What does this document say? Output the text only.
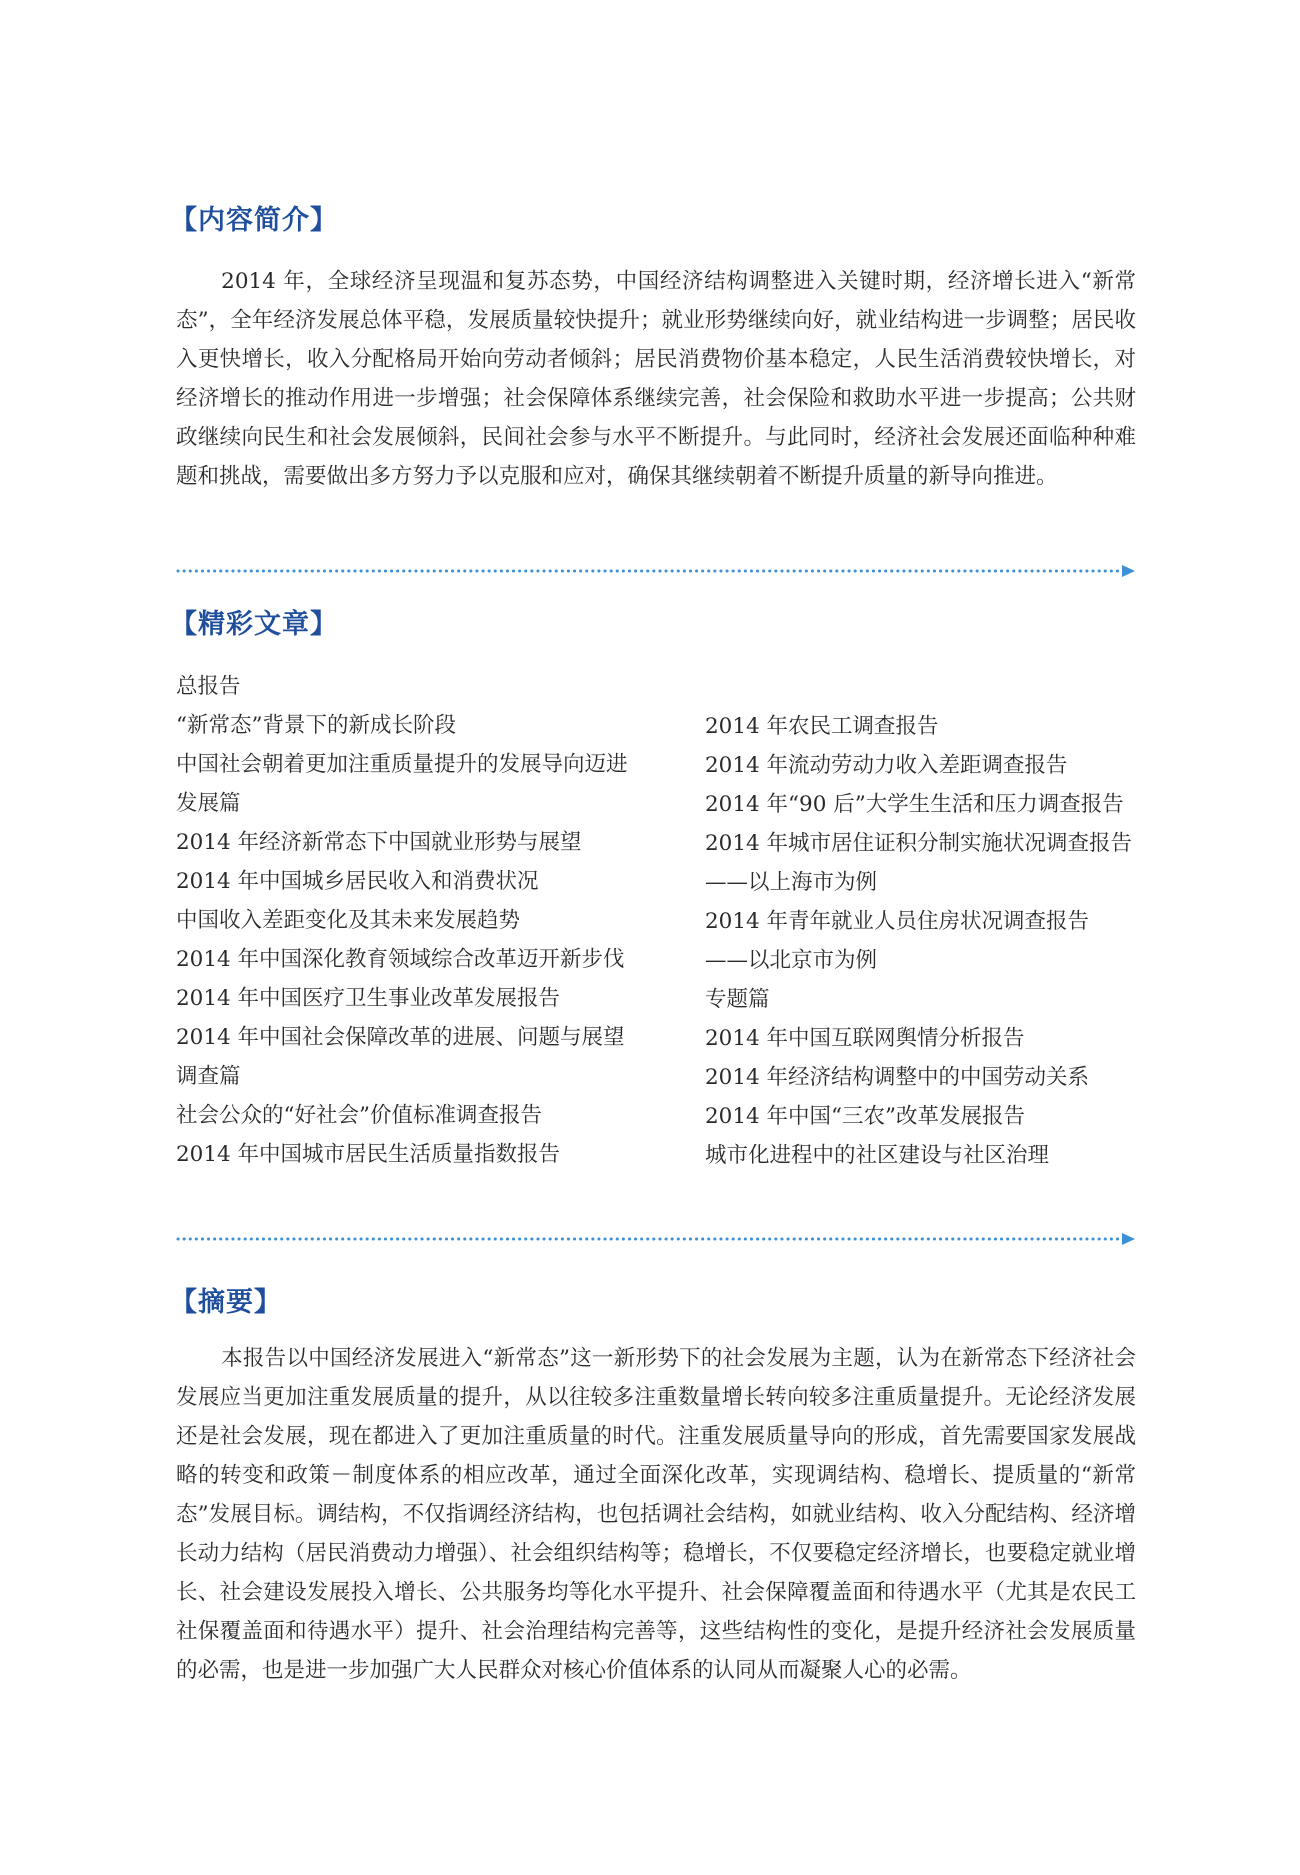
【内容简介】

2014 年，全球经济呈现温和复苏态势，中国经济结构调整进入关键时期，经济增长进入“新常态”，全年经济发展总体平稳，发展质量较快提升；就业形势继续向好，就业结构进一步调整；居民收入更快增长，收入分配格局开始向劳动者倾斜；居民消费物价基本稳定，人民生活消费较快增长，对经济增长的推动作用进一步增强；社会保障体系继续完善，社会保险和救助水平进一步提高；公共财政继续向民生和社会发展倾斜，民间社会参与水平不断提升。与此同时，经济社会发展还面临种种难题和挑战，需要做出多方努力予以克服和应对，确保其继续朝着不断提升质量的新导向推进。

【精彩文章】
总报告
“新常态”背景下的新成长阶段
中国社会朝着更加注重质量提升的发展导向迈进
发展篇
2014 年经济新常态下中国就业形势与展望
2014 年中国城乡居民收入和消费状况
中国收入差距变化及其未来发展趋势
2014 年中国深化教育领域综合改革迈开新步伐
2014 年中国医疗卫生事业改革发展报告
2014 年中国社会保障改革的进展、问题与展望
调查篇
社会公众的“好社会”价值标准调查报告
2014 年中国城市居民生活质量指数报告
2014 年农民工调查报告
2014 年流动劳动力收入差距调查报告
2014 年“90 后”大学生生活和压力调查报告
2014 年城市居住证积分制实施状况调查报告
——以上海市为例
2014 年青年就业人员住房状况调查报告
——以北京市为例
专题篇
2014 年中国互联网舆情分析报告
2014 年经济结构调整中的中国劳动关系
2014 年中国“三农”改革发展报告
城市化进程中的社区建设与社区治理
【摘要】

本报告以中国经济发展进入“新常态”这一新形势下的社会发展为主题，认为在新常态下经济社会发展应当更加注重发展质量的提升，从以往较多注重数量增长转向较多注重质量提升。无论经济发展还是社会发展，现在都进入了更加注重质量的时代。注重发展质量导向的形成，首先需要国家发展战略的转变和政策－制度体系的相应改革，通过全面深化改革，实现调结构、稳增长、提质量的“新常态”发展目标。调结构，不仅指调经济结构，也包括调社会结构，如就业结构、收入分配结构、经济增长动力结构（居民消费动力增强）、社会组织结构等；稳增长，不仅要稳定经济增长，也要稳定就业增长、社会建设发展投入增长、公共服务均等化水平提升、社会保障覆盖面和待遇水平（尤其是农民工社保覆盖面和待遇水平）提升、社会治理结构完善等，这些结构性的变化，是提升经济社会发展质量的必需，也是进一步加强广大人民群众对核心价值体系的认同从而凝聚人心的必需。
